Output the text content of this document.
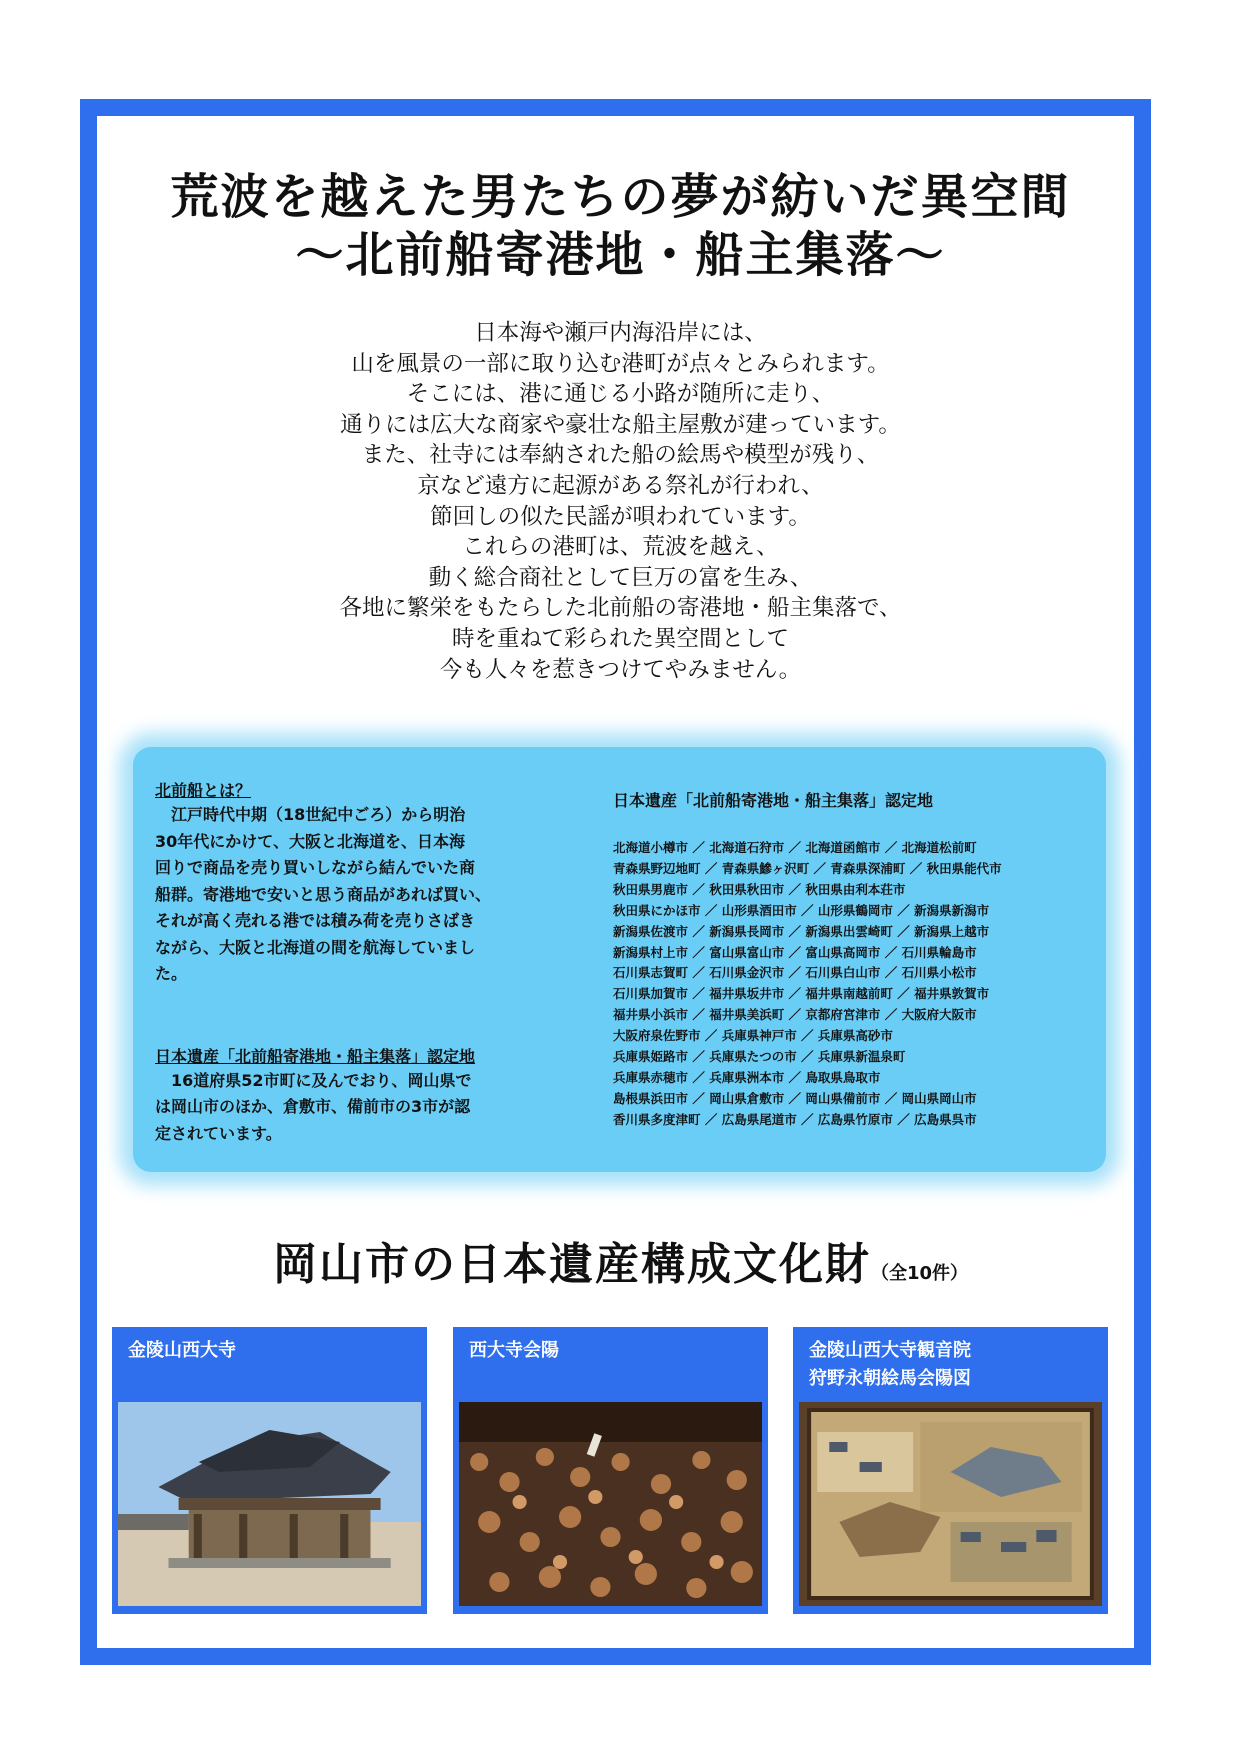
荒波を越えた男たちの夢が紡いだ異空間
～北前船寄港地・船主集落～
日本海や瀬戸内海沿岸には、
山を風景の一部に取り込む港町が点々とみられます。
そこには、港に通じる小路が随所に走り、
通りには広大な商家や豪壮な船主屋敷が建っています。
また、社寺には奉納された船の絵馬や模型が残り、
京など遠方に起源がある祭礼が行われ、
節回しの似た民謡が唄われています。
これらの港町は、荒波を越え、
動く総合商社として巨万の富を生み、
各地に繁栄をもたらした北前船の寄港地・船主集落で、
時を重ねて彩られた異空間として
今も人々を惹きつけてやみません。
北前船とは？
　江戸時代中期（18世紀中ごろ）から明治
30年代にかけて、大阪と北海道を、日本海
回りで商品を売り買いしながら結んでいた商
船群。寄港地で安いと思う商品があれば買い、
それが高く売れる港では積み荷を売りさばき
ながら、大阪と北海道の間を航海していまし
た。
日本遺産「北前船寄港地・船主集落」認定地
　16道府県52市町に及んでおり、岡山県で
は岡山市のほか、倉敷市、備前市の3市が認
定されています。
日本遺産「北前船寄港地・船主集落」認定地
北海道小樽市 ／ 北海道石狩市 ／ 北海道函館市 ／ 北海道松前町
青森県野辺地町 ／ 青森県鰺ヶ沢町 ／ 青森県深浦町 ／ 秋田県能代市
秋田県男鹿市 ／ 秋田県秋田市 ／ 秋田県由利本荘市
秋田県にかほ市 ／ 山形県酒田市 ／ 山形県鶴岡市 ／ 新潟県新潟市
新潟県佐渡市 ／ 新潟県長岡市 ／ 新潟県出雲崎町 ／ 新潟県上越市
新潟県村上市 ／ 富山県富山市 ／ 富山県高岡市 ／ 石川県輪島市
石川県志賀町 ／ 石川県金沢市 ／ 石川県白山市 ／ 石川県小松市
石川県加賀市 ／ 福井県坂井市 ／ 福井県南越前町 ／ 福井県敦賀市
福井県小浜市 ／ 福井県美浜町 ／ 京都府宮津市 ／ 大阪府大阪市
大阪府泉佐野市 ／ 兵庫県神戸市 ／ 兵庫県高砂市
兵庫県姫路市 ／ 兵庫県たつの市 ／ 兵庫県新温泉町
兵庫県赤穂市 ／ 兵庫県洲本市 ／ 鳥取県鳥取市
島根県浜田市 ／ 岡山県倉敷市 ／ 岡山県備前市 ／ 岡山県岡山市
香川県多度津町 ／ 広島県尾道市 ／ 広島県竹原市 ／ 広島県呉市
岡山市の日本遺産構成文化財（全10件）
金陵山西大寺	西大寺会陽	金陵山西大寺観音院
狩野永朝絵馬会陽図
